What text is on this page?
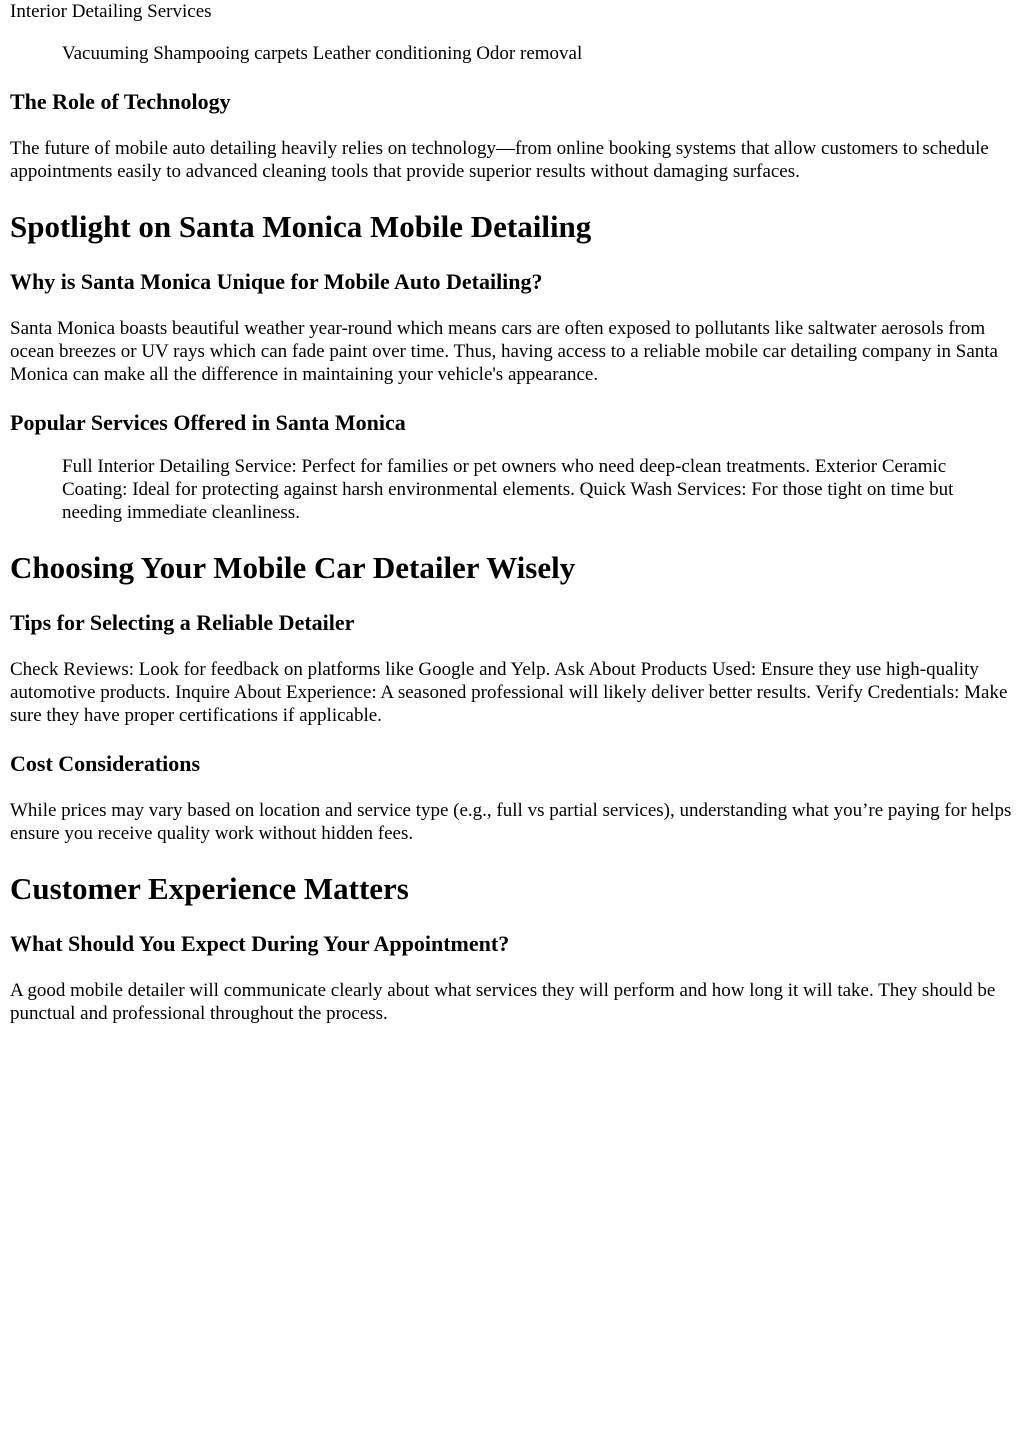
Interior Detailing Services

Vacuuming Shampooing carpets Leather conditioning Odor removal

The Role of Technology

The future of mobile auto detailing heavily relies on technology—from online booking systems that allow customers to schedule appointments easily to advanced cleaning tools that provide superior results without damaging surfaces.

Spotlight on Santa Monica Mobile Detailing
Why is Santa Monica Unique for Mobile Auto Detailing?

Santa Monica boasts beautiful weather year-round which means cars are often exposed to pollutants like saltwater aerosols from ocean breezes or UV rays which can fade paint over time. Thus, having access to a reliable mobile car detailing company in Santa Monica can make all the difference in maintaining your vehicle's appearance.

Popular Services Offered in Santa Monica

Full Interior Detailing Service: Perfect for families or pet owners who need deep-clean treatments. Exterior Ceramic Coating: Ideal for protecting against harsh environmental elements. Quick Wash Services: For those tight on time but needing immediate cleanliness.

Choosing Your Mobile Car Detailer Wisely
Tips for Selecting a Reliable Detailer

Check Reviews: Look for feedback on platforms like Google and Yelp. Ask About Products Used: Ensure they use high-quality automotive products. Inquire About Experience: A seasoned professional will likely deliver better results. Verify Credentials: Make sure they have proper certifications if applicable.

Cost Considerations

While prices may vary based on location and service type (e.g., full vs partial services), understanding what you’re paying for helps ensure you receive quality work without hidden fees.

Customer Experience Matters
What Should You Expect During Your Appointment?

A good mobile detailer will communicate clearly about what services they will perform and how long it will take. They should be punctual and professional throughout the process.
